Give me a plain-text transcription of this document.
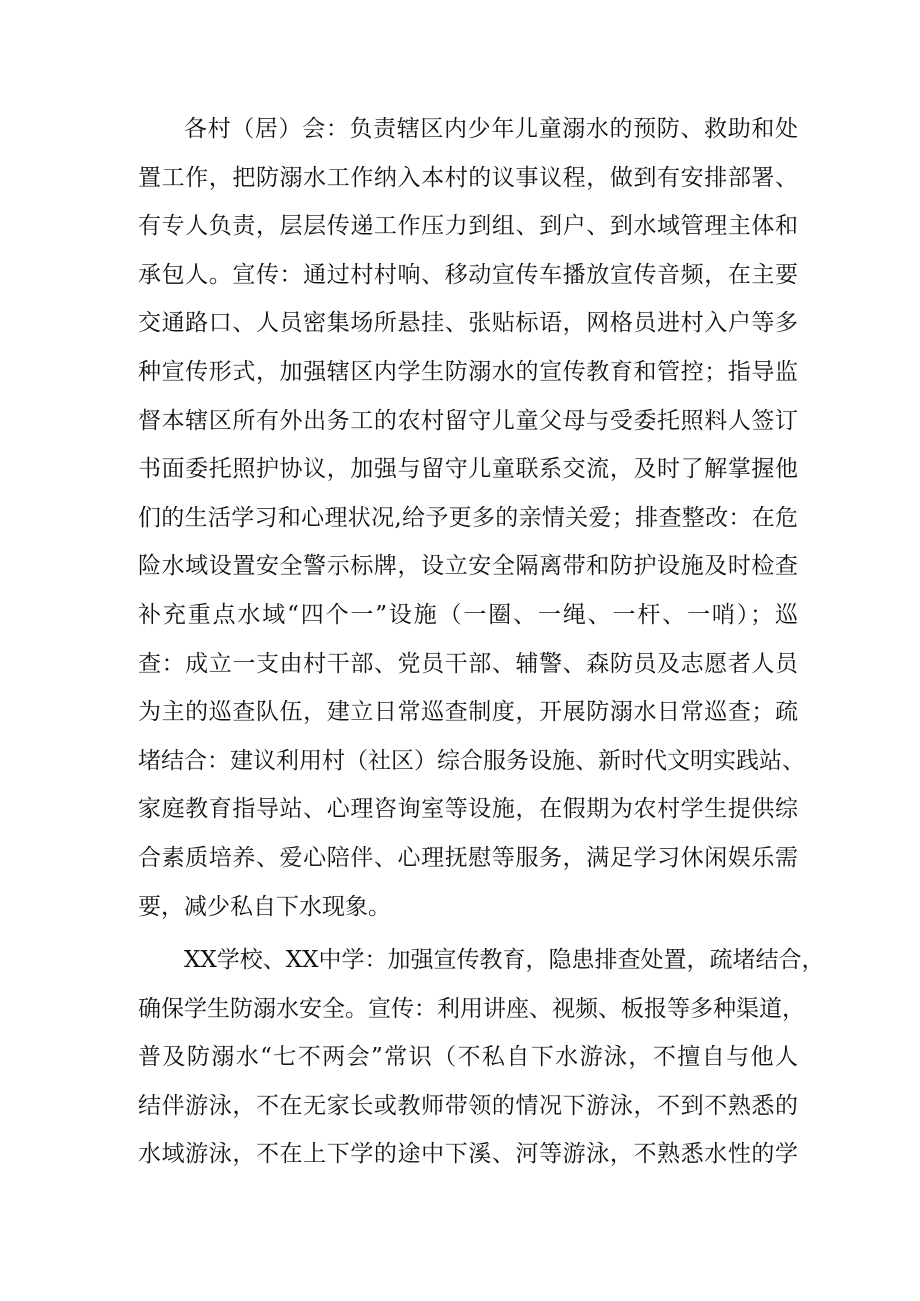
各村（居）会：负责辖区内少年儿童溺水的预防、救助和处
置工作，把防溺水工作纳入本村的议事议程，做到有安排部署、
有专人负责，层层传递工作压力到组、到户、到水域管理主体和
承包人。宣传：通过村村响、移动宣传车播放宣传音频，在主要
交通路口、人员密集场所悬挂、张贴标语，网格员进村入户等多
种宣传形式，加强辖区内学生防溺水的宣传教育和管控；指导监
督本辖区所有外出务工的农村留守儿童父母与受委托照料人签订
书面委托照护协议，加强与留守儿童联系交流，及时了解掌握他
们的生活学习和心理状况,给予更多的亲情关爱；排查整改：在危
险水域设置安全警示标牌，设立安全隔离带和防护设施及时检查
补充重点水域“四个一”设施（一圈、一绳、一杆、一哨）；巡
查：成立一支由村干部、党员干部、辅警、森防员及志愿者人员
为主的巡查队伍，建立日常巡查制度，开展防溺水日常巡查；疏
堵结合：建议利用村（社区）综合服务设施、新时代文明实践站、
家庭教育指导站、心理咨询室等设施，在假期为农村学生提供综
合素质培养、爱心陪伴、心理抚慰等服务，满足学习休闲娱乐需
要，减少私自下水现象。
XX学校、XX中学：加强宣传教育，隐患排查处置，疏堵结合，
确保学生防溺水安全。宣传：利用讲座、视频、板报等多种渠道，
普及防溺水“七不两会”常识（不私自下水游泳，不擅自与他人
结伴游泳，不在无家长或教师带领的情况下游泳，不到不熟悉的
水域游泳，不在上下学的途中下溪、河等游泳，不熟悉水性的学
